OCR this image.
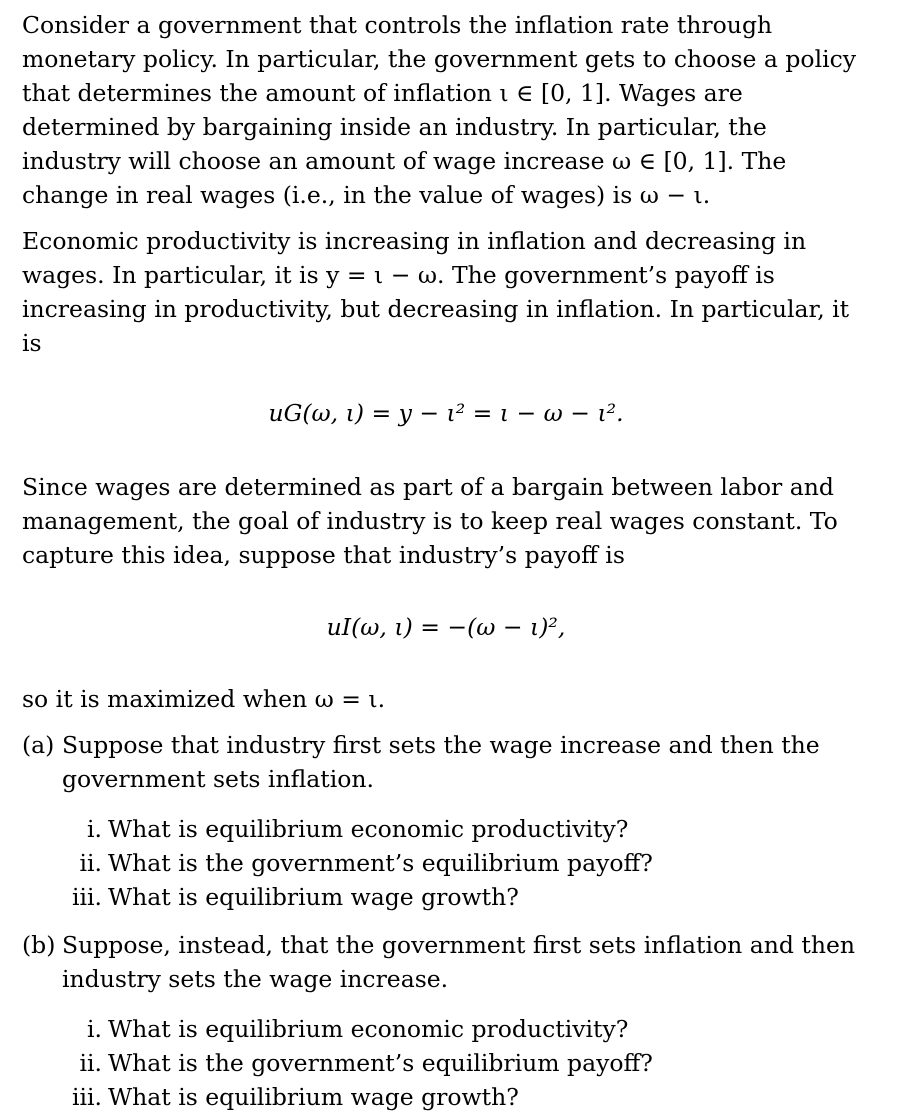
Consider a government that controls the inflation rate through monetary policy. In particular, the government gets to choose a policy that determines the amount of inflation ι ∈ [0, 1]. Wages are determined by bargaining inside an industry. In particular, the industry will choose an amount of wage increase ω ∈ [0, 1]. The change in real wages (i.e., in the value of wages) is ω − ι.

Economic productivity is increasing in inflation and decreasing in wages. In particular, it is y = ι − ω. The government’s payoff is increasing in productivity, but decreasing in inflation. In particular, it is

uG(ω, ι) = y − ι² = ι − ω − ι².

Since wages are determined as part of a bargain between labor and management, the goal of industry is to keep real wages constant. To capture this idea, suppose that industry’s payoff is

uI(ω, ι) = −(ω − ι)²,

so it is maximized when ω = ι.

(a) Suppose that industry first sets the wage increase and then the government sets inflation.
i. What is equilibrium economic productivity?
ii. What is the government’s equilibrium payoff?
iii. What is equilibrium wage growth?
(b) Suppose, instead, that the government first sets inflation and then industry sets the wage increase.
i. What is equilibrium economic productivity?
ii. What is the government’s equilibrium payoff?
iii. What is equilibrium wage growth?
